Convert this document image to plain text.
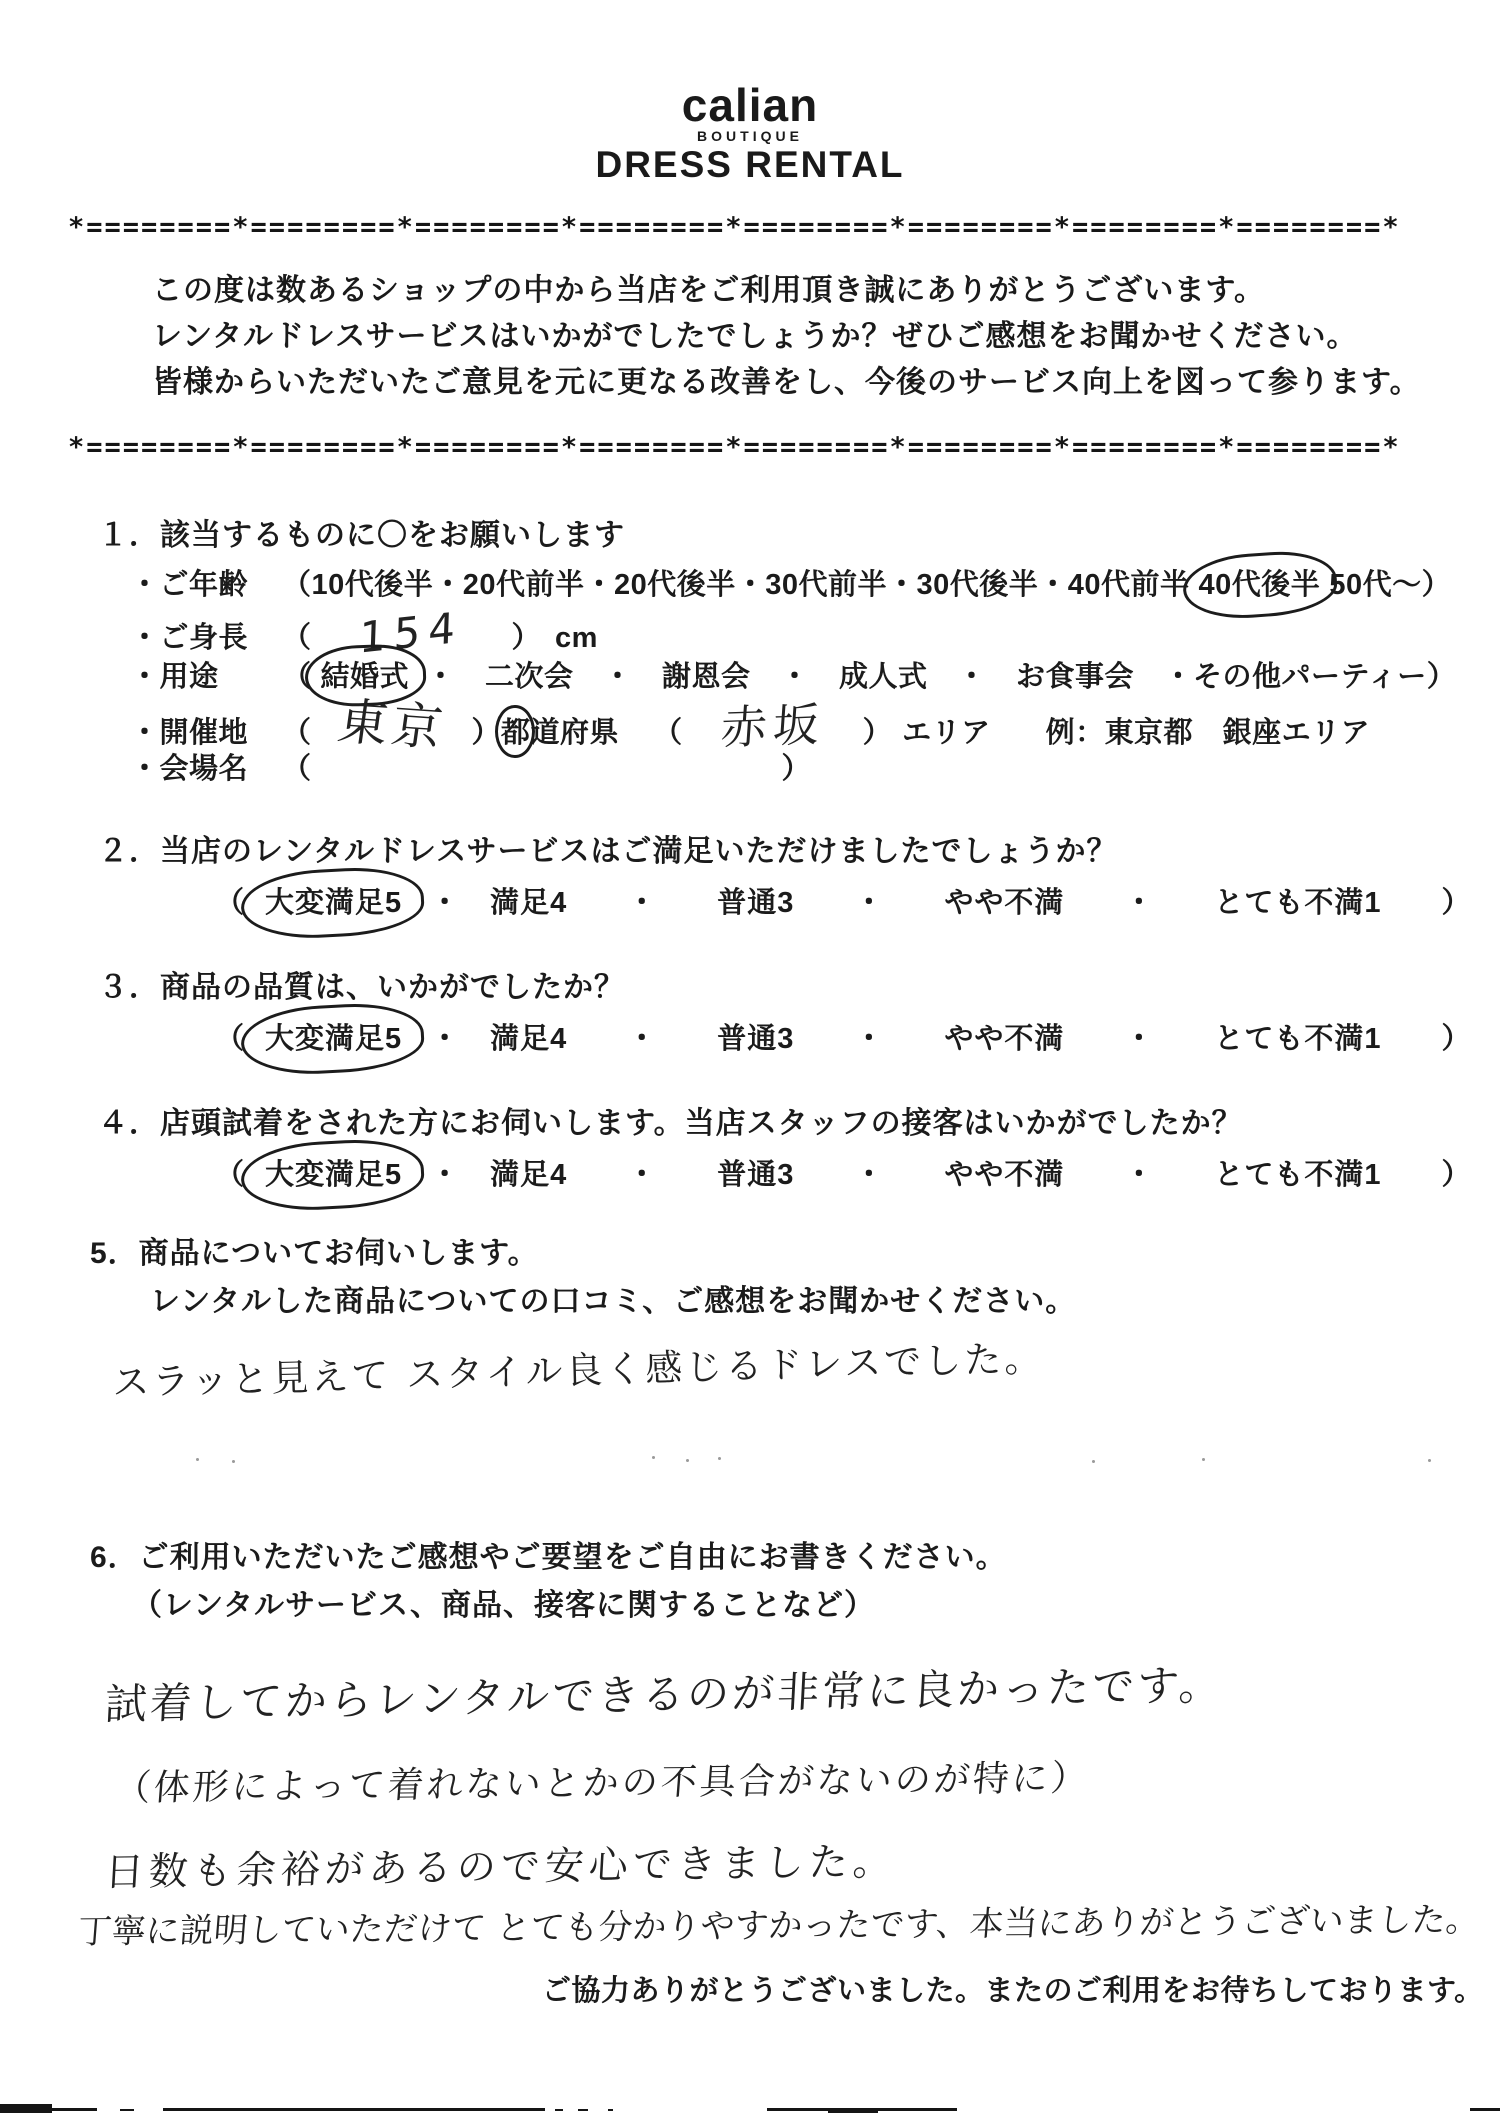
calian
BOUTIQUE
DRESS RENTAL
*========*========*========*========*========*========*========*========*
この度は数あるショップの中から当店をご利用頂き誠にありがとうございます。
レンタルドレスサービスはいかがでしたでしょうか？ぜひご感想をお聞かせください。
皆様からいただいたご意見を元に更なる改善をし、今後のサービス向上を図って参ります。
*========*========*========*========*========*========*========*========*
１．該当するものに〇をお願いします
・ご年齢 （10代後半・20代前半・20代後半・30代前半・30代後半・40代前半 40代後半 50代～）
・ご身長 （ 154 ） cm
・用途 （ 結婚式 ・　二次会　・　謝恩会　・　成人式　・　お食事会　・その他パーティー）
・開催地 （ 東京 ）都道府県 （ 赤坂 ） エリア 例：東京都　銀座エリア
・会場名 （	）
２．当店のレンタルドレスサービスはご満足いただけましたでしょうか？
（ 大変満足5 ・　満足4　　・　　普通3　　・　　やや不満　　・　　とても不満1　　）
３．商品の品質は、いかがでしたか？
（ 大変満足5 ・　満足4　　・　　普通3　　・　　やや不満　　・　　とても不満1　　）
４．店頭試着をされた方にお伺いします。当店スタッフの接客はいかがでしたか？
（ 大変満足5 ・　満足4　　・　　普通3　　・　　やや不満　　・　　とても不満1　　）
5．商品についてお伺いします。
レンタルした商品についての口コミ、ご感想をお聞かせください。
スラッと見えて スタイル良く感じるドレスでした。
6．ご利用いただいたご感想やご要望をご自由にお書きください。
（レンタルサービス、商品、接客に関することなど）
試着してからレンタルできるのが非常に良かったです。
（体形によって着れないとかの不具合がないのが特に）
日数も余裕があるので安心できました。
丁寧に説明していただけて とても分かりやすかったです、本当にありがとうございました。
ご協力ありがとうございました。またのご利用をお待ちしております。
